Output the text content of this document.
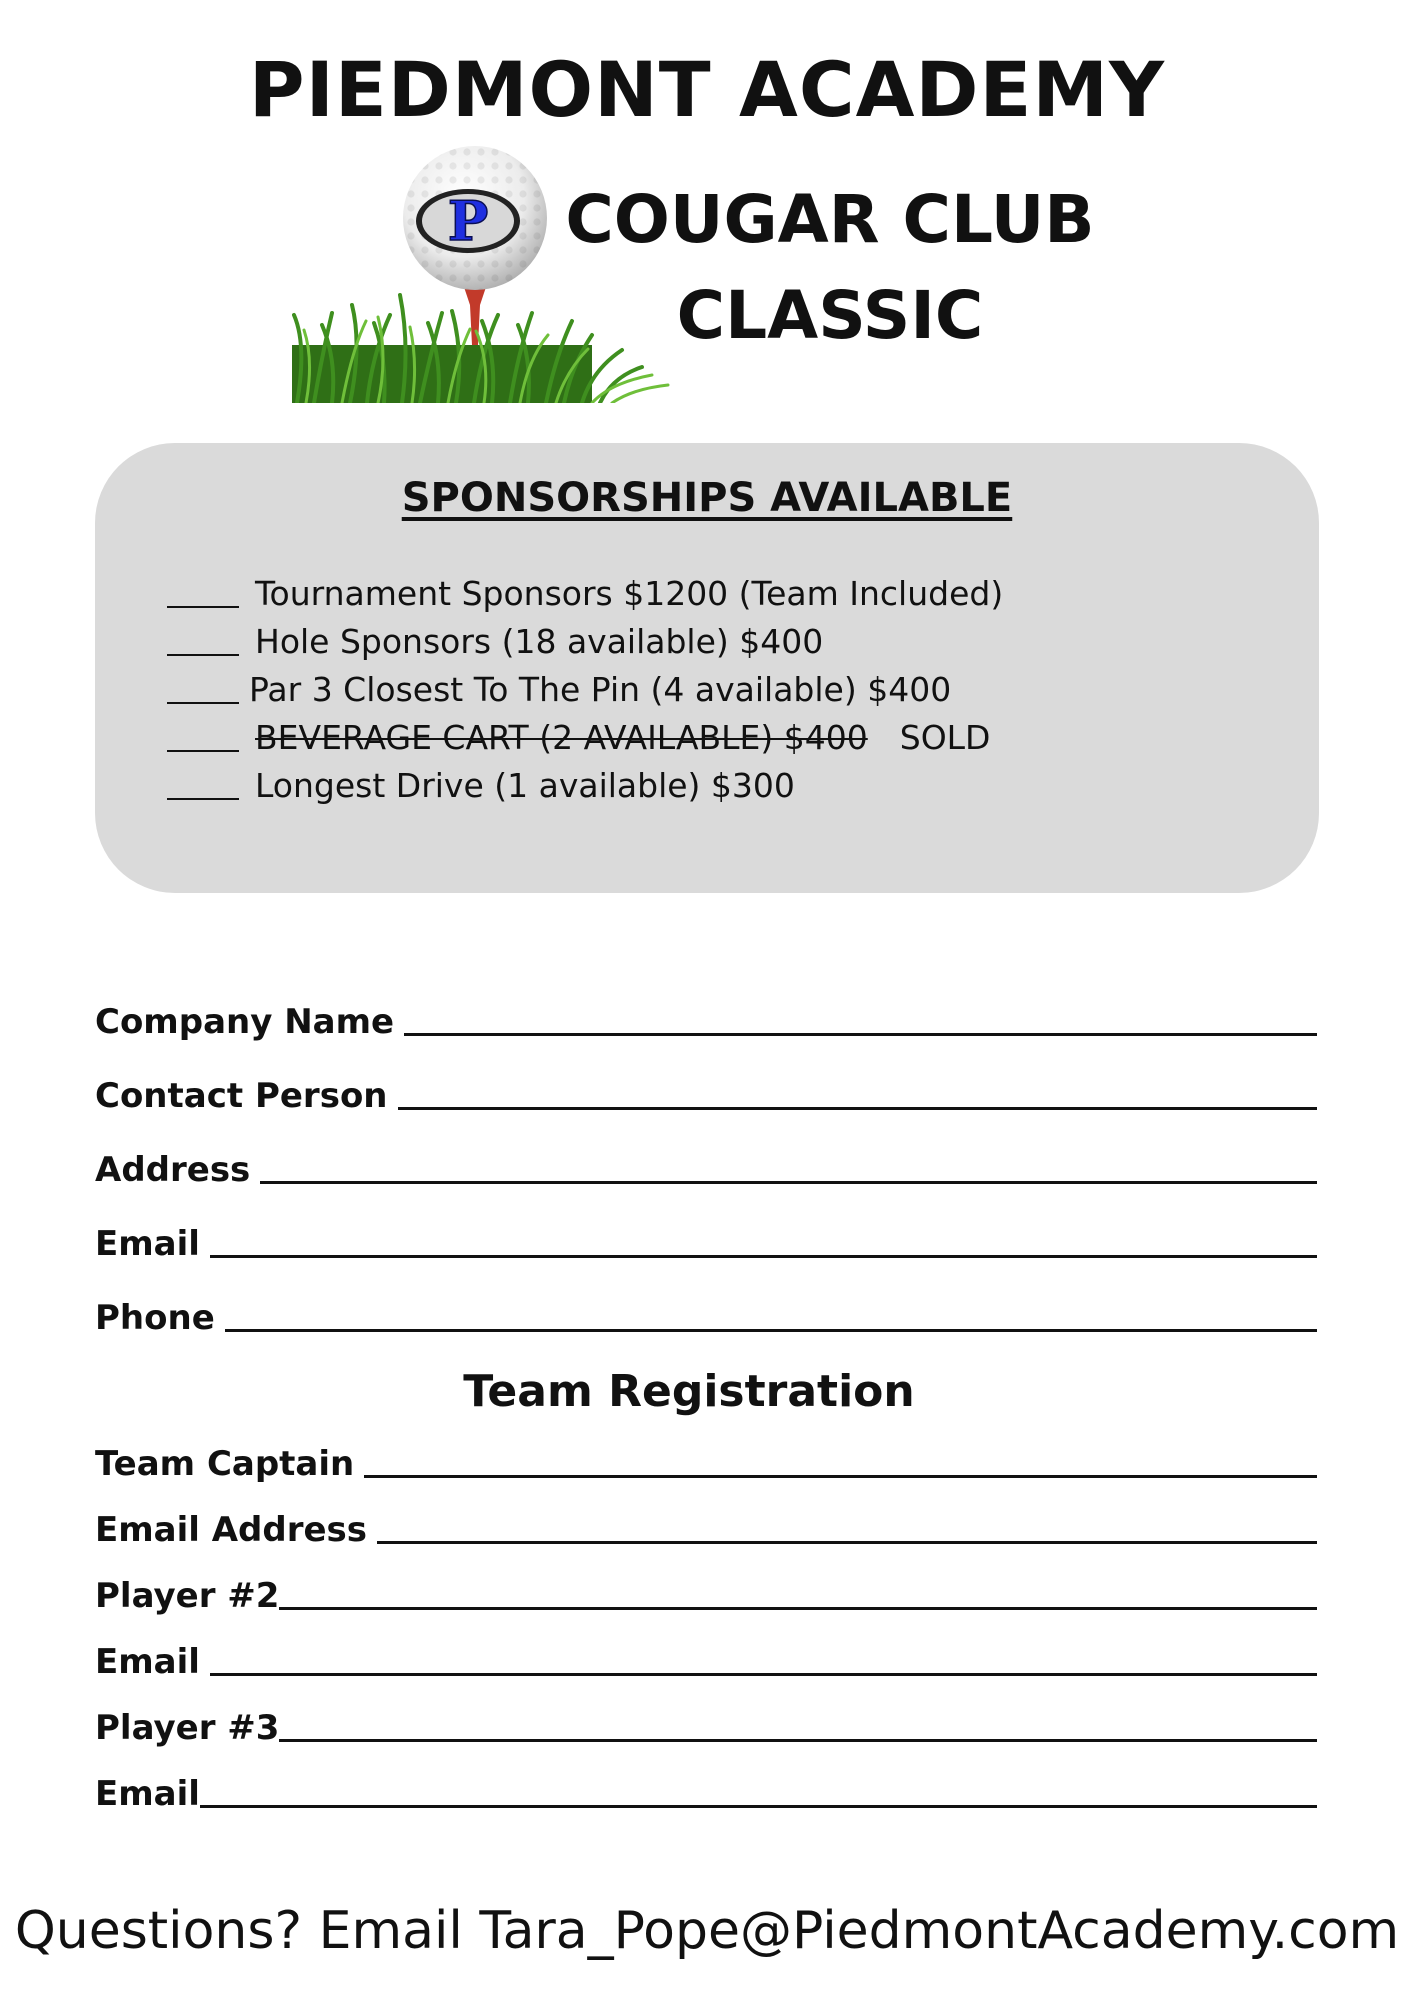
PIEDMONT ACADEMY
P	COUGAR CLUB
CLASSIC
SPONSORSHIPS AVAILABLE
Tournament Sponsors $1200 (Team Included)
Hole Sponsors (18 available) $400
Par 3 Closest To The Pin (4 available) $400
BEVERAGE CART (2 AVAILABLE) $400 SOLD
Longest Drive (1 available) $300
Company Name
Contact Person
Address
Email
Phone
Team Registration
Team Captain
Email Address
Player #2
Email
Player #3
Email
Questions? Email Tara_Pope@PiedmontAcademy.com
